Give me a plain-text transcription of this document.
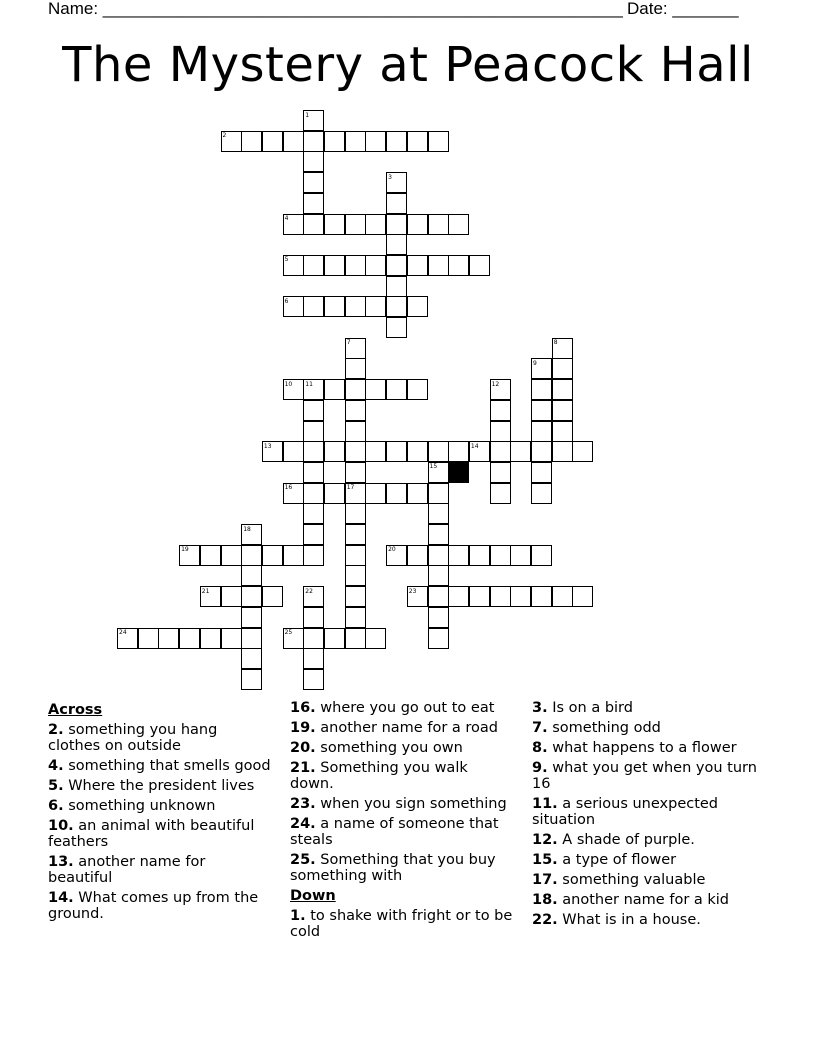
Name: _______________________________________________________ Date: _______
The Mystery at Peacock Hall
2
4
5
6
10
13	14
16
19	20
21	23
24	25
1
3
7	8
9
11	12
15
17
18
22
Across
2. something you hang clothes on outside
4. something that smells good
5. Where the president lives
6. something unknown
10. an animal with beautiful feathers
13. another name for beautiful
14. What comes up from the ground.
16. where you go out to eat
19. another name for a road
20. something you own
21. Something you walk down.
23. when you sign something
24. a name of someone that steals
25. Something that you buy something with
Down
1. to shake with fright or to be cold
3. Is on a bird
7. something odd
8. what happens to a flower
9. what you get when you turn 16
11. a serious unexpected situation
12. A shade of purple.
15. a type of flower
17. something valuable
18. another name for a kid
22. What is in a house.
